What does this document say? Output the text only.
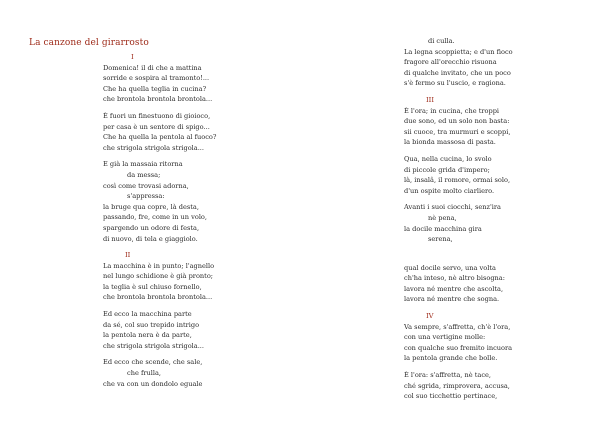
La canzone del girarrosto
I
Domenica! il di che a mattina
sorride e sospira al tramonto!...
Che ha quella teglia in cucina?
che brontola brontola brontola...
È fuori un finestuono di gioioco,
per casa è un sentore di spigo...
Che ha quella la pentola al fuoco?
che strigola strigola strigola...
E già la massaia ritorna
da messa;
così come trovasi adorna,
s'appressa:
la bruge qua copre, là desta,
passando, fre, come in un volo,
spargendo un odore di festa,
di nuovo, di tela e giaggiolo.
II
La macchina è in punto; l'agnello
nel lungo schidione è già pronto;
la teglia è sul chiuso fornello,
che brontola brontola brontola...
Ed ecco la macchina parte
da sé, col suo trepido intrigo
la pentola nera è da parte,
che strigola strigola strigola...
Ed ecco che scende, che sale,
che frulla,
che va con un dondolo eguale
di culla.
La legna scoppietta; e d'un fioco
fragore all'orecchio risuona
di qualche invitato, che un poco
s'è fermo su l'uscio, e ragiona.
III
È l'ora; in cucina, che troppi
due sono, ed un solo non basta:
sii cuoce, tra murmuri e scoppi,
la bionda massosa di pasta.
Qua, nella cucina, lo svolo
di piccole grida d'impero;
là, insalâ, il romore, ormai solo,
d'un ospite molto ciarliero.
Avanti i suoi ciocchi, senz'ira
nè pena,
la docile macchina gira
serena,
qual docile servo, una volta
ch'ha inteso, nè altro bisogna:
lavora né mentre che ascolta,
lavora né mentre che sogna.
IV
Va sempre, s'affretta, ch'è l'ora,
con una vertigine molle:
con qualche suo fremito incuora
la pentola grande che bolle.
È l'ora: s'affretta, nè tace,
ché sgrida, rimprovera, accusa,
col suo ticchettio pertinace,
